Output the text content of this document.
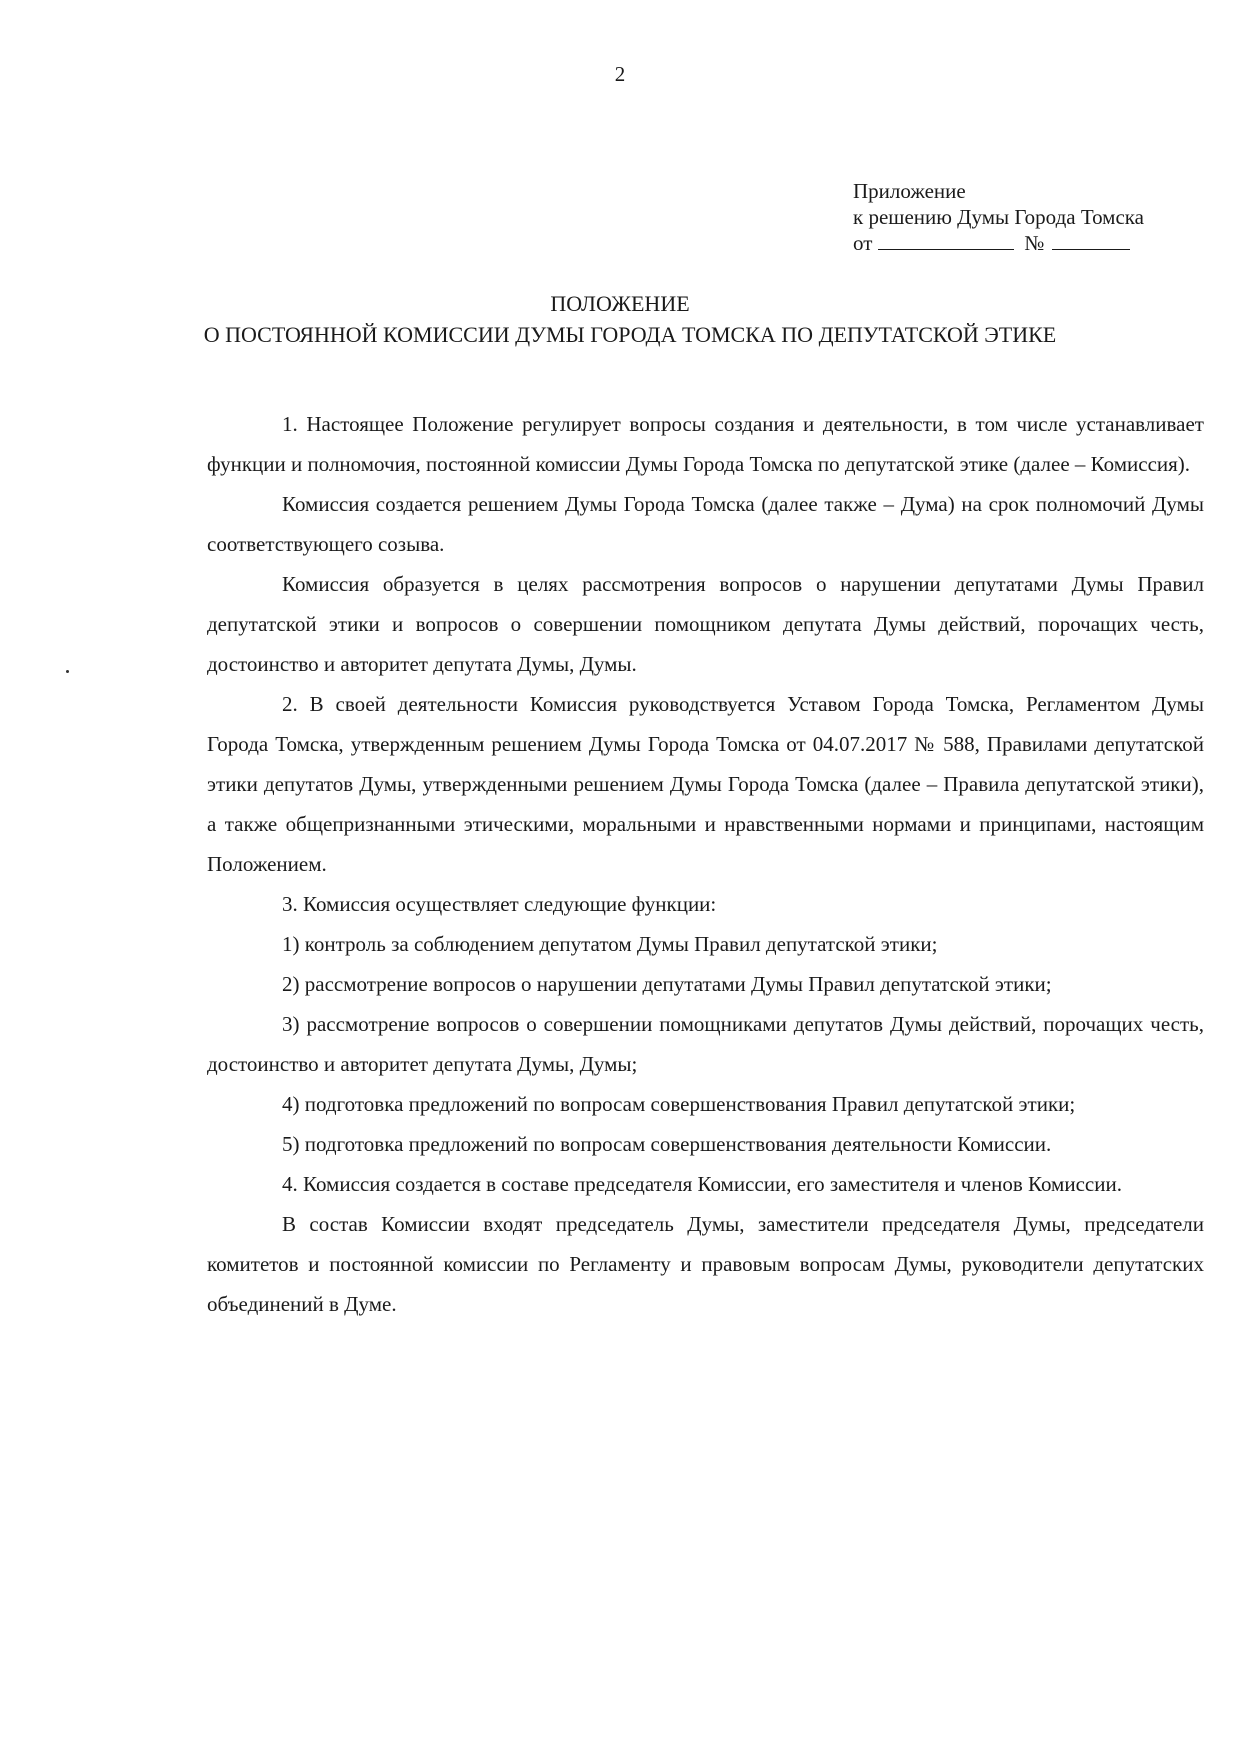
2
Приложение
к решению Думы Города Томска
от	№
ПОЛОЖЕНИЕ
О ПОСТОЯННОЙ КОМИССИИ ДУМЫ ГОРОДА ТОМСКА ПО ДЕПУТАТСКОЙ ЭТИКЕ

1. Настоящее Положение регулирует вопросы создания и деятельности, в том числе устанавливает функции и полномочия, постоянной комиссии Думы Города Томска по депутатской этике (далее – Комиссия).

Комиссия создается решением Думы Города Томска (далее также – Дума) на срок полномочий Думы соответствующего созыва.

Комиссия образуется в целях рассмотрения вопросов о нарушении депутатами Думы Правил депутатской этики и вопросов о совершении помощником депутата Думы действий, порочащих честь, достоинство и авторитет депутата Думы, Думы.

2. В своей деятельности Комиссия руководствуется Уставом Города Томска, Регламентом Думы Города Томска, утвержденным решением Думы Города Томска от 04.07.2017 № 588, Правилами депутатской этики депутатов Думы, утвержденными решением Думы Города Томска (далее – Правила депутатской этики), а также общепризнанными этическими, моральными и нравственными нормами и принципами, настоящим Положением.

3. Комиссия осуществляет следующие функции:

1) контроль за соблюдением депутатом Думы Правил депутатской этики;

2) рассмотрение вопросов о нарушении депутатами Думы Правил депутатской этики;

3) рассмотрение вопросов о совершении помощниками депутатов Думы действий, порочащих честь, достоинство и авторитет депутата Думы, Думы;

4) подготовка предложений по вопросам совершенствования Правил депутатской этики;

5) подготовка предложений по вопросам совершенствования деятельности Комиссии.

4. Комиссия создается в составе председателя Комиссии, его заместителя и членов Комиссии.

В состав Комиссии входят председатель Думы, заместители председателя Думы, председатели комитетов и постоянной комиссии по Регламенту и правовым вопросам Думы, руководители депутатских объединений в Думе.
